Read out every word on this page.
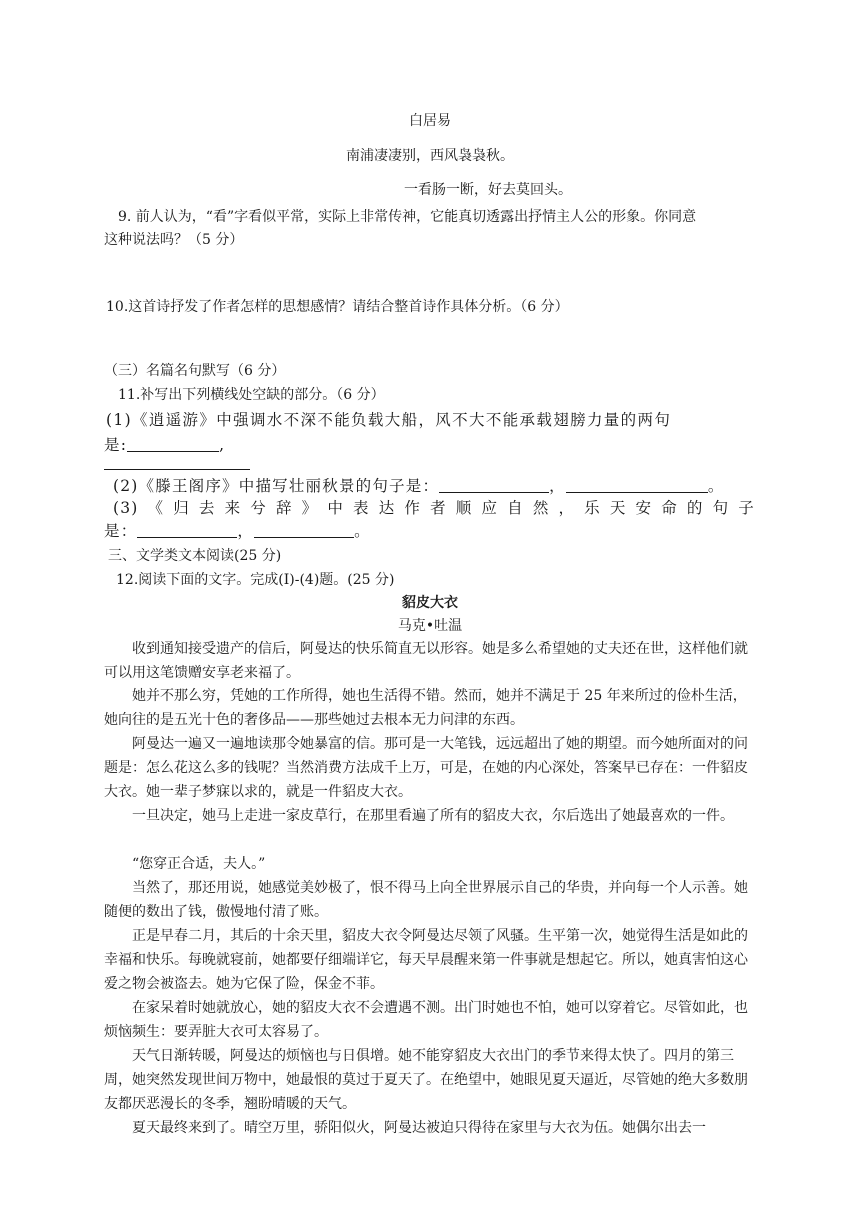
白居易
南浦凄凄别，西风袅袅秋。
一看肠一断，好去莫回头。
9. 前人认为，“看”字看似平常，实际上非常传神，它能真切透露出抒情主人公的形象。你同意
这种说法吗？（5 分）
10.这首诗抒发了作者怎样的思想感情？请结合整首诗作具体分析。（6 分）
（三）名篇名句默写（6 分）
11.补写出下列横线处空缺的部分。（6 分）
(1)《逍遥游》中强调水不深不能负载大船，风不大不能承载翅膀力量的两句
是:	,
(2)《滕王阁序》中描写壮丽秋景的句子是：	，	。
(3)《归去来兮辞》中表达作者顺应自然，乐天安命的句子
是：	，	。
三、文学类文本阅读(25 分)
12.阅读下面的文字。完成(I)-(4)题。(25 分)
貂皮大衣
马克•吐温
收到通知接受遗产的信后，阿曼达的快乐简直无以形容。她是多么希望她的丈夫还在世，这样他们就可以用这笔馈赠安享老来福了。
她并不那么穷，凭她的工作所得，她也生活得不错。然而，她并不满足于 25 年来所过的俭朴生活，她向往的是五光十色的奢侈品——那些她过去根本无力问津的东西。
阿曼达一遍又一遍地读那令她暴富的信。那可是一大笔钱，远远超出了她的期望。而今她所面对的问题是：怎么花这么多的钱呢？当然消费方法成千上万，可是，在她的内心深处，答案早已存在：一件貂皮大衣。她一辈子梦寐以求的，就是一件貂皮大衣。
一旦决定，她马上走进一家皮草行，在那里看遍了所有的貂皮大衣，尔后选出了她最喜欢的一件。
“您穿正合适，夫人。”
当然了，那还用说，她感觉美妙极了，恨不得马上向全世界展示自己的华贵，并向每一个人示善。她随便的数出了钱，傲慢地付清了账。
正是早春二月，其后的十余天里，貂皮大衣令阿曼达尽领了风骚。生平第一次，她觉得生活是如此的幸福和快乐。每晚就寝前，她都要仔细端详它，每天早晨醒来第一件事就是想起它。所以，她真害怕这心爱之物会被盗去。她为它保了险，保金不菲。
在家呆着时她就放心，她的貂皮大衣不会遭遇不测。出门时她也不怕，她可以穿着它。尽管如此，也烦恼频生：要弄脏大衣可太容易了。
天气日渐转暖，阿曼达的烦恼也与日俱增。她不能穿貂皮大衣出门的季节来得太快了。四月的第三周，她突然发现世间万物中，她最恨的莫过于夏天了。在绝望中，她眼见夏天逼近，尽管她的绝大多数朋友都厌恶漫长的冬季，翘盼晴暖的天气。
夏天最终来到了。晴空万里，骄阳似火，阿曼达被迫只得待在家里与大衣为伍。她偶尔出去一
